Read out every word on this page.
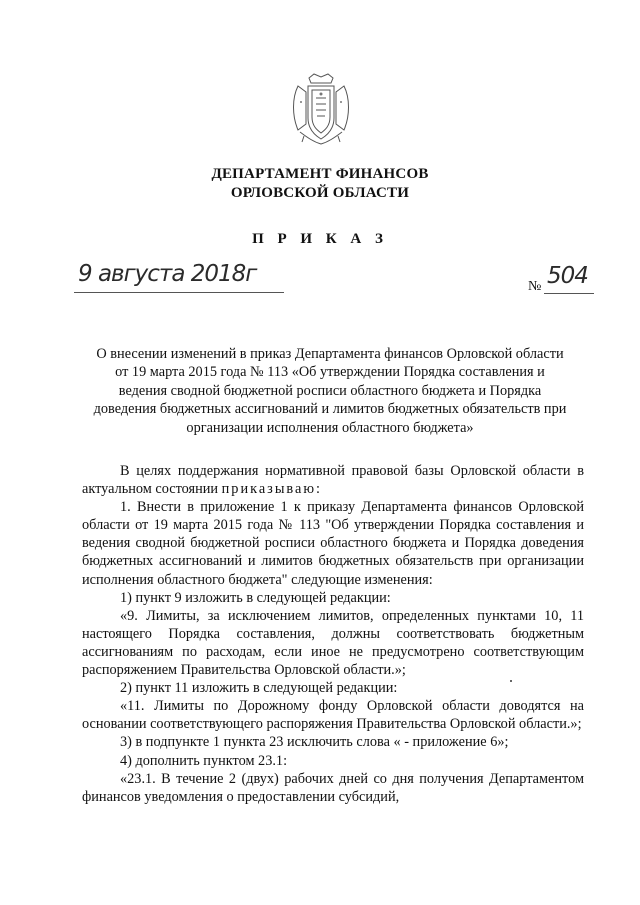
ДЕПАРТАМЕНТ ФИНАНСОВ
ОРЛОВСКОЙ ОБЛАСТИ
П Р И К А З
9 августа 2018г	№ 504
О внесении изменений в приказ Департамента финансов Орловской области
от 19 марта 2015 года № 113 «Об утверждении Порядка составления и
ведения сводной бюджетной росписи областного бюджета и Порядка
доведения бюджетных ассигнований и лимитов бюджетных обязательств при
организации исполнения областного бюджета»

В целях поддержания нормативной правовой базы Орловской области в актуальном состоянии приказываю:

1. Внести в приложение 1 к приказу Департамента финансов Орловской области от 19 марта 2015 года № 113 "Об утверждении Порядка составления и ведения сводной бюджетной росписи областного бюджета и Порядка доведения бюджетных ассигнований и лимитов бюджетных обязательств при организации исполнения областного бюджета" следующие изменения:

1) пункт 9 изложить в следующей редакции:

«9. Лимиты, за исключением лимитов, определенных пунктами 10, 11 настоящего Порядка составления, должны соответствовать бюджетным ассигнованиям по расходам, если иное не предусмотрено соответствующим распоряжением Правительства Орловской области.»;

2) пункт 11 изложить в следующей редакции:

«11. Лимиты по Дорожному фонду Орловской области доводятся на основании соответствующего распоряжения Правительства Орловской области.»;

3) в подпункте 1 пункта 23 исключить слова « - приложение 6»;

4) дополнить пунктом 23.1:

«23.1. В течение 2 (двух) рабочих дней со дня получения Департаментом финансов уведомления о предоставлении субсидий,
